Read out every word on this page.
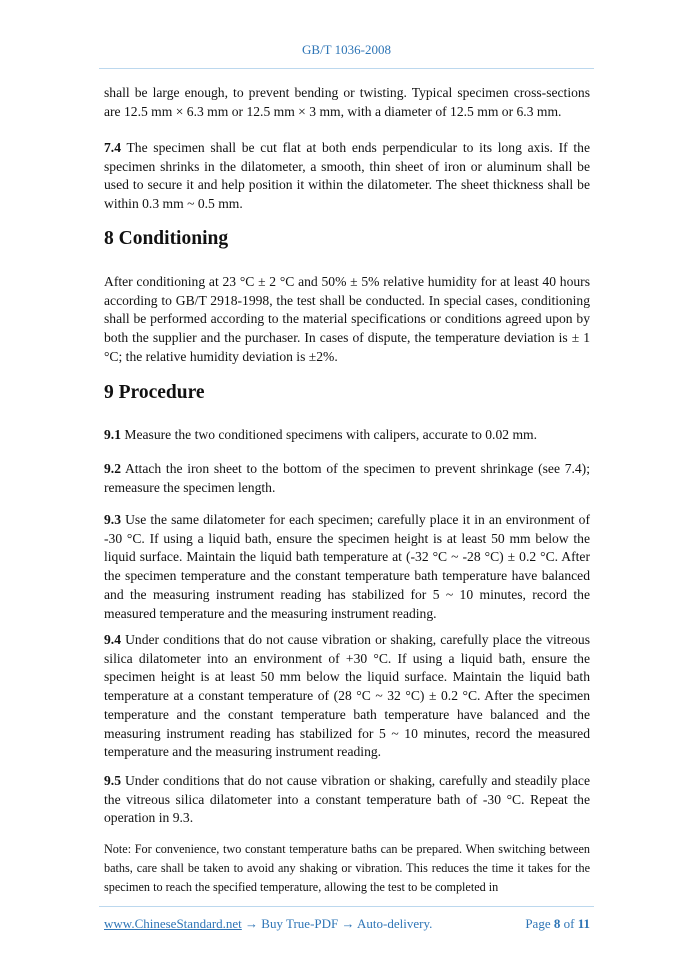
GB/T 1036-2008
shall be large enough, to prevent bending or twisting. Typical specimen cross-sections are 12.5 mm × 6.3 mm or 12.5 mm × 3 mm, with a diameter of 12.5 mm or 6.3 mm.
7.4 The specimen shall be cut flat at both ends perpendicular to its long axis. If the specimen shrinks in the dilatometer, a smooth, thin sheet of iron or aluminum shall be used to secure it and help position it within the dilatometer. The sheet thickness shall be within 0.3 mm ~ 0.5 mm.
8 Conditioning
After conditioning at 23 °C ± 2 °C and 50% ± 5% relative humidity for at least 40 hours according to GB/T 2918-1998, the test shall be conducted. In special cases, conditioning shall be performed according to the material specifications or conditions agreed upon by both the supplier and the purchaser. In cases of dispute, the temperature deviation is ± 1 °C; the relative humidity deviation is ±2%.
9 Procedure
9.1 Measure the two conditioned specimens with calipers, accurate to 0.02 mm.
9.2 Attach the iron sheet to the bottom of the specimen to prevent shrinkage (see 7.4); remeasure the specimen length.
9.3 Use the same dilatometer for each specimen; carefully place it in an environment of -30 °C. If using a liquid bath, ensure the specimen height is at least 50 mm below the liquid surface. Maintain the liquid bath temperature at (-32 °C ~ -28 °C) ± 0.2 °C. After the specimen temperature and the constant temperature bath temperature have balanced and the measuring instrument reading has stabilized for 5 ~ 10 minutes, record the measured temperature and the measuring instrument reading.
9.4 Under conditions that do not cause vibration or shaking, carefully place the vitreous silica dilatometer into an environment of +30 °C. If using a liquid bath, ensure the specimen height is at least 50 mm below the liquid surface. Maintain the liquid bath temperature at a constant temperature of (28 °C ~ 32 °C) ± 0.2 °C. After the specimen temperature and the constant temperature bath temperature have balanced and the measuring instrument reading has stabilized for 5 ~ 10 minutes, record the measured temperature and the measuring instrument reading.
9.5 Under conditions that do not cause vibration or shaking, carefully and steadily place the vitreous silica dilatometer into a constant temperature bath of -30 °C. Repeat the operation in 9.3.
Note: For convenience, two constant temperature baths can be prepared. When switching between baths, care shall be taken to avoid any shaking or vibration. This reduces the time it takes for the specimen to reach the specified temperature, allowing the test to be completed in
www.ChineseStandard.net → Buy True-PDF → Auto-delivery.	Page 8 of 11
